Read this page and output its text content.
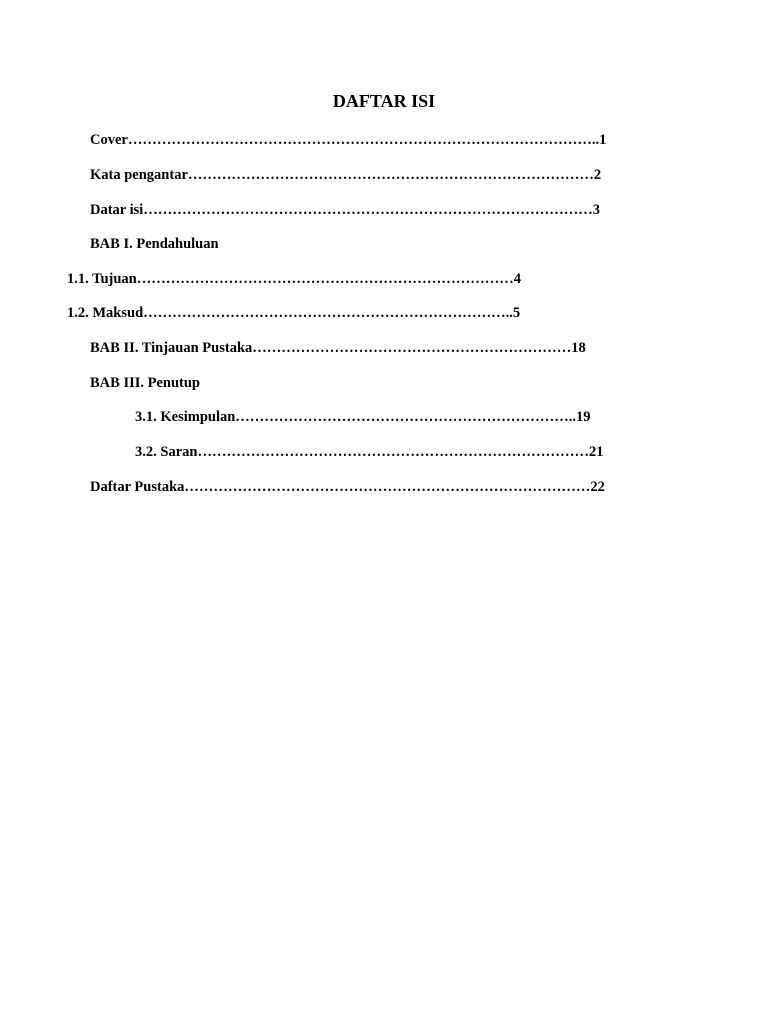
DAFTAR ISI
Cover……………………………………………………………………………………..1
Kata pengantar…………………………………………………………………………2
Datar isi…………………………………………………………………………………3
BAB I. Pendahuluan
1.1. Tujuan……………………………………………………………………4
1.2. Maksud…………………………………………………………………..5
BAB II. Tinjauan Pustaka…………………………………………………………18
BAB III. Penutup
3.1. Kesimpulan……………………………………………………………..19
3.2. Saran………………………………………………………………………21
Daftar Pustaka…………………………………………………………………………22
